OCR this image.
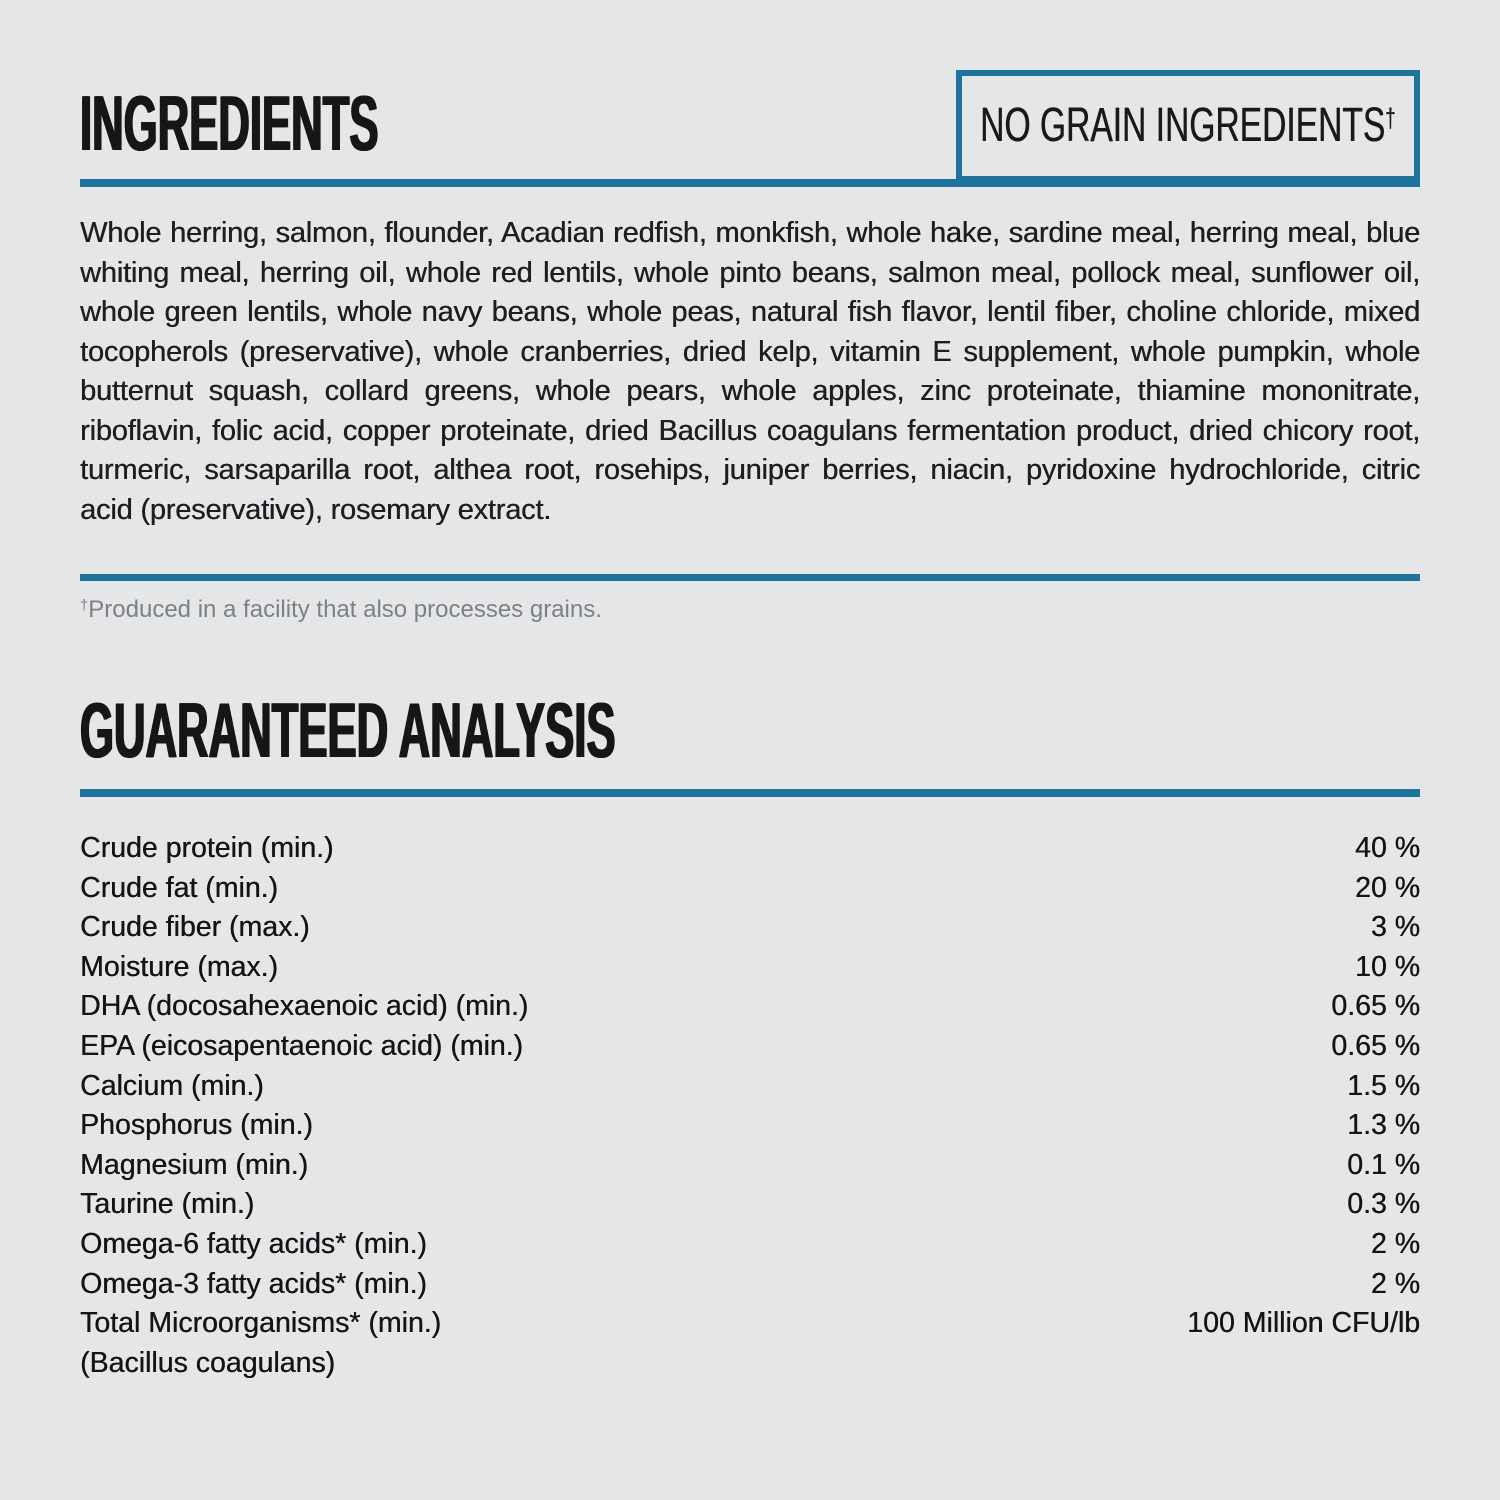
INGREDIENTS	NO GRAIN INGREDIENTS†

Whole herring, salmon, flounder, Acadian redfish, monkfish, whole hake, sardine meal, herring meal, blue whiting meal, herring oil, whole red lentils, whole pinto beans, salmon meal, pollock meal, sunflower oil, whole green lentils, whole navy beans, whole peas, natural fish flavor, lentil fiber, choline chloride, mixed tocopherols (preservative), whole cranberries, dried kelp, vitamin E supplement, whole pumpkin, whole butternut squash, collard greens, whole pears, whole apples, zinc proteinate, thiamine mononitrate, riboflavin, folic acid, copper proteinate, dried Bacillus coagulans fermentation product, dried chicory root, turmeric, sarsaparilla root, althea root, rosehips, juniper berries, niacin, pyridoxine hydrochloride, citric acid (preservative), rosemary extract.

†Produced in a facility that also processes grains.

GUARANTEED ANALYSIS
Crude protein (min.)	40 %
Crude fat (min.)	20 %
Crude fiber (max.)	3 %
Moisture (max.)	10 %
DHA (docosahexaenoic acid) (min.)	0.65 %
EPA (eicosapentaenoic acid) (min.)	0.65 %
Calcium (min.)	1.5 %
Phosphorus (min.)	1.3 %
Magnesium (min.)	0.1 %
Taurine (min.)	0.3 %
Omega-6 fatty acids* (min.)	2 %
Omega-3 fatty acids* (min.)	2 %
Total Microorganisms* (min.)	100 Million CFU/lb
(Bacillus coagulans)
